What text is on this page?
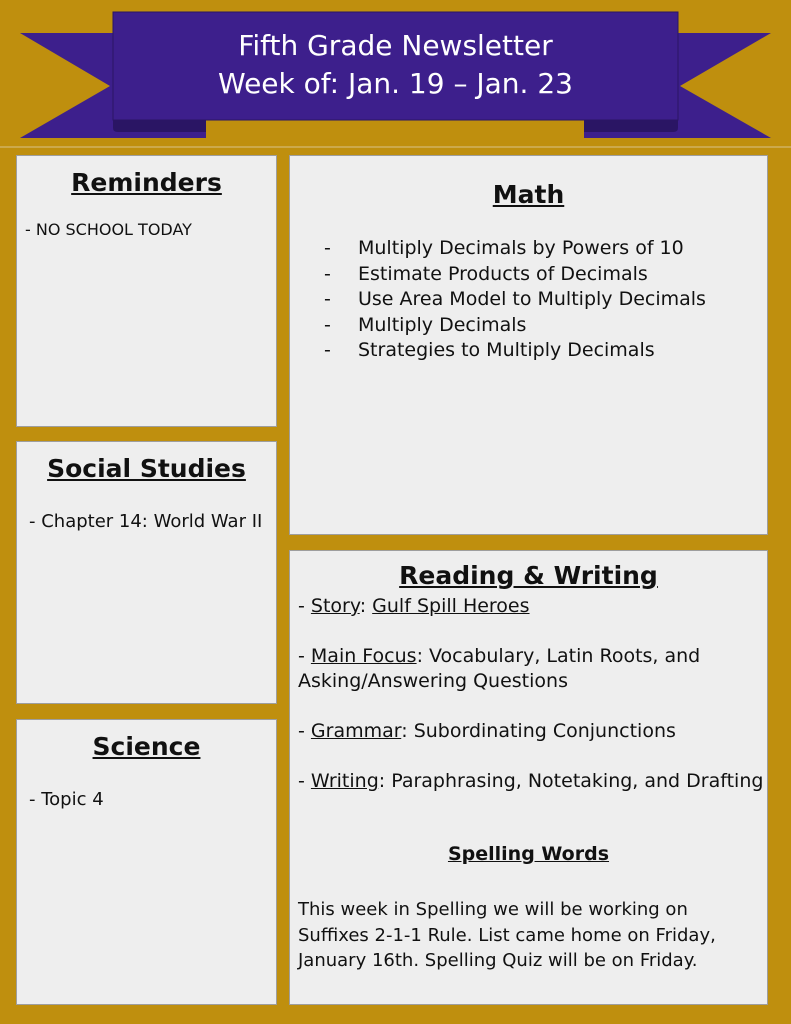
Fifth Grade Newsletter
Week of: Jan. 19 – Jan. 23
Reminders
- NO SCHOOL TODAY
Social Studies
- Chapter 14: World War II
Science
- Topic 4
Math
- Multiply Decimals by Powers of 10
- Estimate Products of Decimals
- Use Area Model to Multiply Decimals
- Multiply Decimals
- Strategies to Multiply Decimals
Reading & Writing

- Story: Gulf Spill Heroes

- Main Focus: Vocabulary, Latin Roots, and
Asking/Answering Questions

- Grammar: Subordinating Conjunctions

- Writing: Paraphrasing, Notetaking, and Drafting

Spelling Words
This week in Spelling we will be working on
Suffixes 2-1-1 Rule. List came home on Friday,
January 16th. Spelling Quiz will be on Friday.
